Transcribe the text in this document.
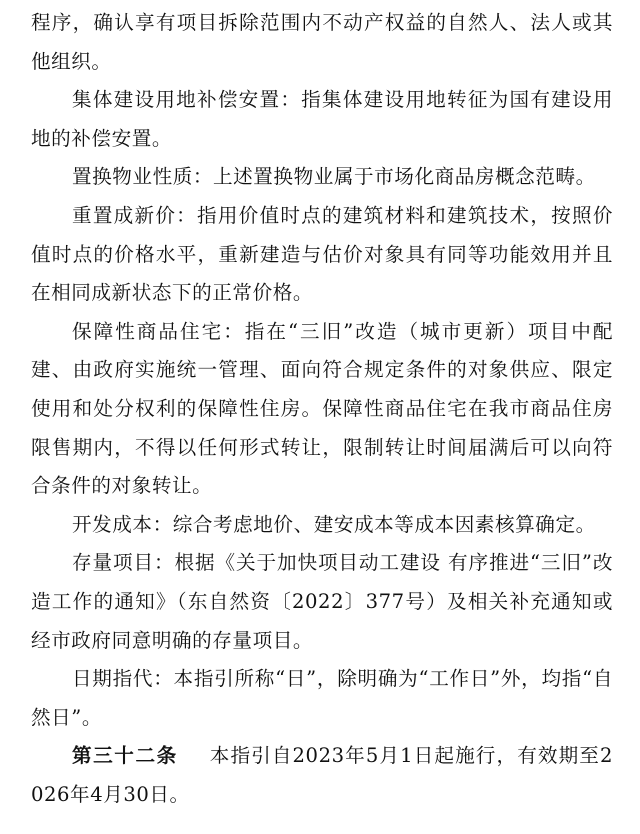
程序，确认享有项目拆除范围内不动产权益的自然人、法人或其他组织。

集体建设用地补偿安置：指集体建设用地转征为国有建设用地的补偿安置。

置换物业性质：上述置换物业属于市场化商品房概念范畴。

重置成新价：指用价值时点的建筑材料和建筑技术，按照价值时点的价格水平，重新建造与估价对象具有同等功能效用并且在相同成新状态下的正常价格。

保障性商品住宅：指在“三旧”改造（城市更新）项目中配建、由政府实施统一管理、面向符合规定条件的对象供应、限定使用和处分权利的保障性住房。保障性商品住宅在我市商品住房限售期内，不得以任何形式转让，限制转让时间届满后可以向符合条件的对象转让。

开发成本：综合考虑地价、建安成本等成本因素核算确定。

存量项目：根据《关于加快项目动工建设 有序推进“三旧”改造工作的通知》（东自然资〔2022〕377号）及相关补充通知或经市政府同意明确的存量项目。

日期指代：本指引所称“日”，除明确为“工作日”外，均指“自然日”。

第三十二条 本指引自2023年5月1日起施行，有效期至2026年4月30日。
